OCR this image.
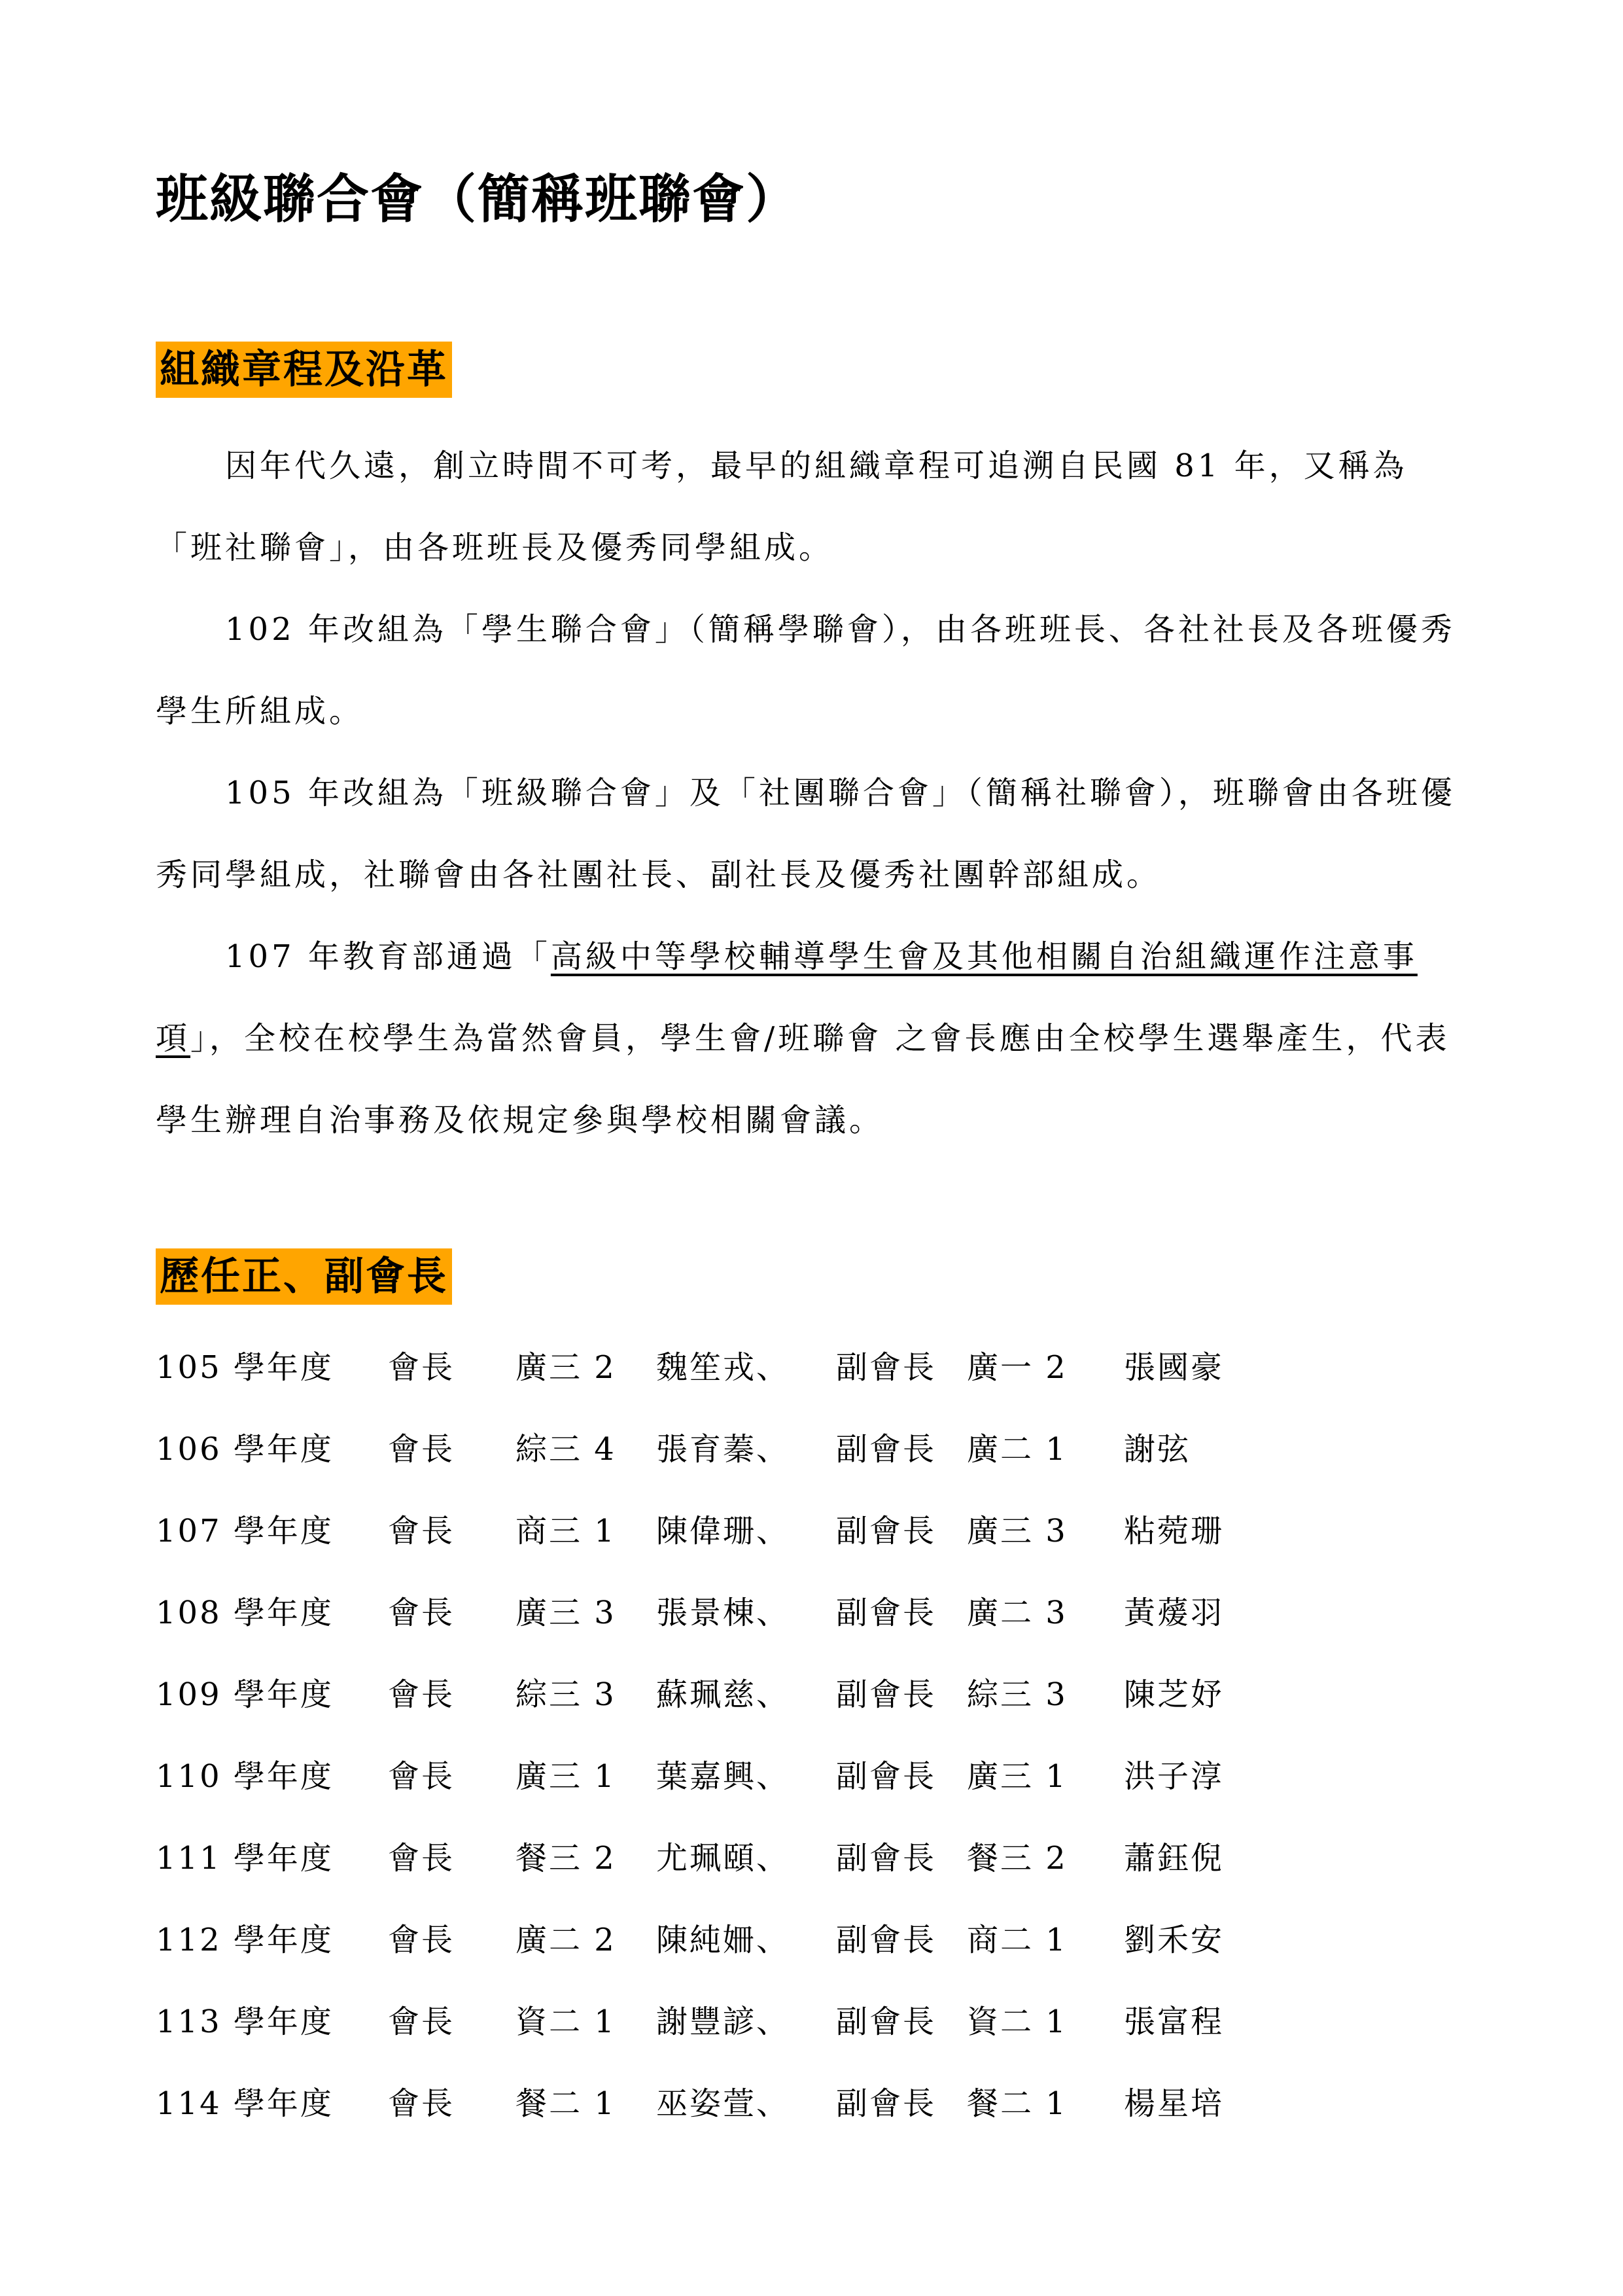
班級聯合會（簡稱班聯會）
組織章程及沿革

因年代久遠，創立時間不可考，最早的組織章程可追溯自民國 81 年，又稱為「班社聯會」，由各班班長及優秀同學組成。

102 年改組為「學生聯合會」（簡稱學聯會），由各班班長、各社社長及各班優秀學生所組成。

105 年改組為「班級聯合會」及「社團聯合會」（簡稱社聯會），班聯會由各班優秀同學組成，社聯會由各社團社長、副社長及優秀社團幹部組成。

107 年教育部通過「高級中等學校輔導學生會及其他相關自治組織運作注意事項」，全校在校學生為當然會員，學生會/班聯會 之會長應由全校學生選舉產生，代表學生辦理自治事務及依規定參與學校相關會議。

歷任正、副會長
105 學年度 會長 廣三 2 魏笙戎、 副會長 廣一 2 張國豪
106 學年度 會長 綜三 4 張育蓁、 副會長 廣二 1 謝弦
107 學年度 會長 商三 1 陳偉珊、 副會長 廣三 3 粘菀珊
108 學年度 會長 廣三 3 張景棟、 副會長 廣二 3 黃蕿羽
109 學年度 會長 綜三 3 蘇珮慈、 副會長 綜三 3 陳芝妤
110 學年度 會長 廣三 1 葉嘉興、 副會長 廣三 1 洪子淳
111 學年度 會長 餐三 2 尤珮頤、 副會長 餐三 2 蕭鈺倪
112 學年度 會長 廣二 2 陳純姍、 副會長 商二 1 劉禾安
113 學年度 會長 資二 1 謝豐諺、 副會長 資二 1 張富程
114 學年度 會長 餐二 1 巫姿萱、 副會長 餐二 1 楊星培
